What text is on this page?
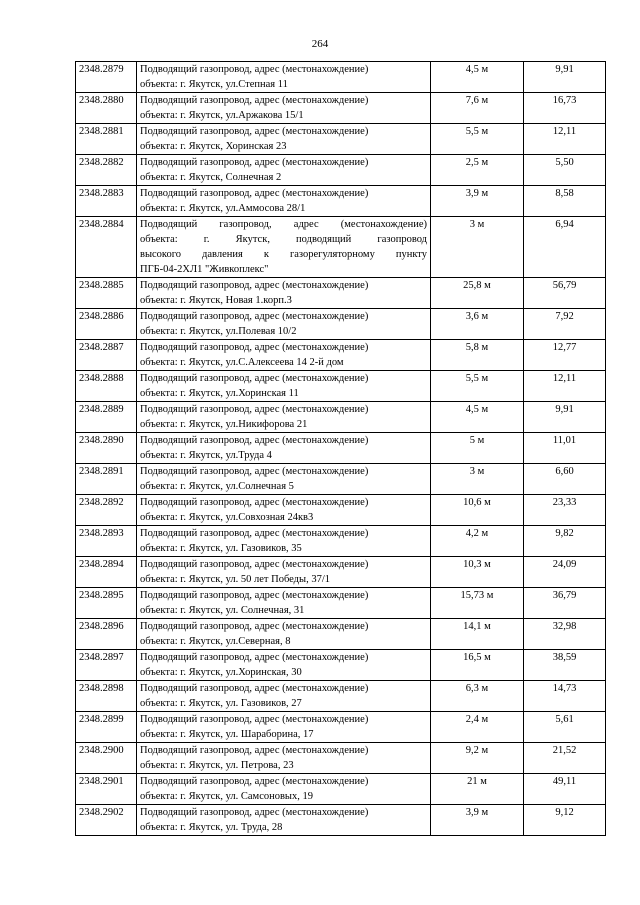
264
2348.2879	Подводящий газопровод, адрес (местонахождение)
объекта: г. Якутск, ул.Степная 11	4,5 м	9,91
2348.2880	Подводящий газопровод, адрес (местонахождение)
объекта: г. Якутск, ул.Аржакова 15/1	7,6 м	16,73
2348.2881	Подводящий газопровод, адрес (местонахождение)
объекта: г. Якутск, Хоринская 23	5,5 м	12,11
2348.2882	Подводящий газопровод, адрес (местонахождение)
объекта: г. Якутск, Солнечная 2	2,5 м	5,50
2348.2883	Подводящий газопровод, адрес (местонахождение)
объекта: г. Якутск, ул.Аммосова 28/1	3,9 м	8,58
2348.2884	Подводящий газопровод, адрес (местонахождение)
объекта: г. Якутск, подводящий газопровод
высокого давления к газорегуляторному пункту
ПГБ-04-2ХЛ1 "Живкоплекс"	3 м	6,94
2348.2885	Подводящий газопровод, адрес (местонахождение)
объекта: г. Якутск, Новая 1.корп.3	25,8 м	56,79
2348.2886	Подводящий газопровод, адрес (местонахождение)
объекта: г. Якутск, ул.Полевая 10/2	3,6 м	7,92
2348.2887	Подводящий газопровод, адрес (местонахождение)
объекта: г. Якутск, ул.С.Алексеева 14 2-й дом	5,8 м	12,77
2348.2888	Подводящий газопровод, адрес (местонахождение)
объекта: г. Якутск, ул.Хоринская 11	5,5 м	12,11
2348.2889	Подводящий газопровод, адрес (местонахождение)
объекта: г. Якутск, ул.Никифорова 21	4,5 м	9,91
2348.2890	Подводящий газопровод, адрес (местонахождение)
объекта: г. Якутск, ул.Труда 4	5 м	11,01
2348.2891	Подводящий газопровод, адрес (местонахождение)
объекта: г. Якутск, ул.Солнечная 5	3 м	6,60
2348.2892	Подводящий газопровод, адрес (местонахождение)
объекта: г. Якутск, ул.Совхозная 24кв3	10,6 м	23,33
2348.2893	Подводящий газопровод, адрес (местонахождение)
объекта: г. Якутск, ул. Газовиков, 35	4,2 м	9,82
2348.2894	Подводящий газопровод, адрес (местонахождение)
объекта: г. Якутск, ул. 50 лет Победы, 37/1	10,3 м	24,09
2348.2895	Подводящий газопровод, адрес (местонахождение)
объекта: г. Якутск, ул. Солнечная, 31	15,73 м	36,79
2348.2896	Подводящий газопровод, адрес (местонахождение)
объекта: г. Якутск, ул.Северная, 8	14,1 м	32,98
2348.2897	Подводящий газопровод, адрес (местонахождение)
объекта: г. Якутск, ул.Хоринская, 30	16,5 м	38,59
2348.2898	Подводящий газопровод, адрес (местонахождение)
объекта: г. Якутск, ул. Газовиков, 27	6,3 м	14,73
2348.2899	Подводящий газопровод, адрес (местонахождение)
объекта: г. Якутск, ул. Шараборина, 17	2,4 м	5,61
2348.2900	Подводящий газопровод, адрес (местонахождение)
объекта: г. Якутск, ул. Петрова, 23	9,2 м	21,52
2348.2901	Подводящий газопровод, адрес (местонахождение)
объекта: г. Якутск, ул. Самсоновых, 19	21 м	49,11
2348.2902	Подводящий газопровод, адрес (местонахождение)
объекта: г. Якутск, ул. Труда, 28	3,9 м	9,12
